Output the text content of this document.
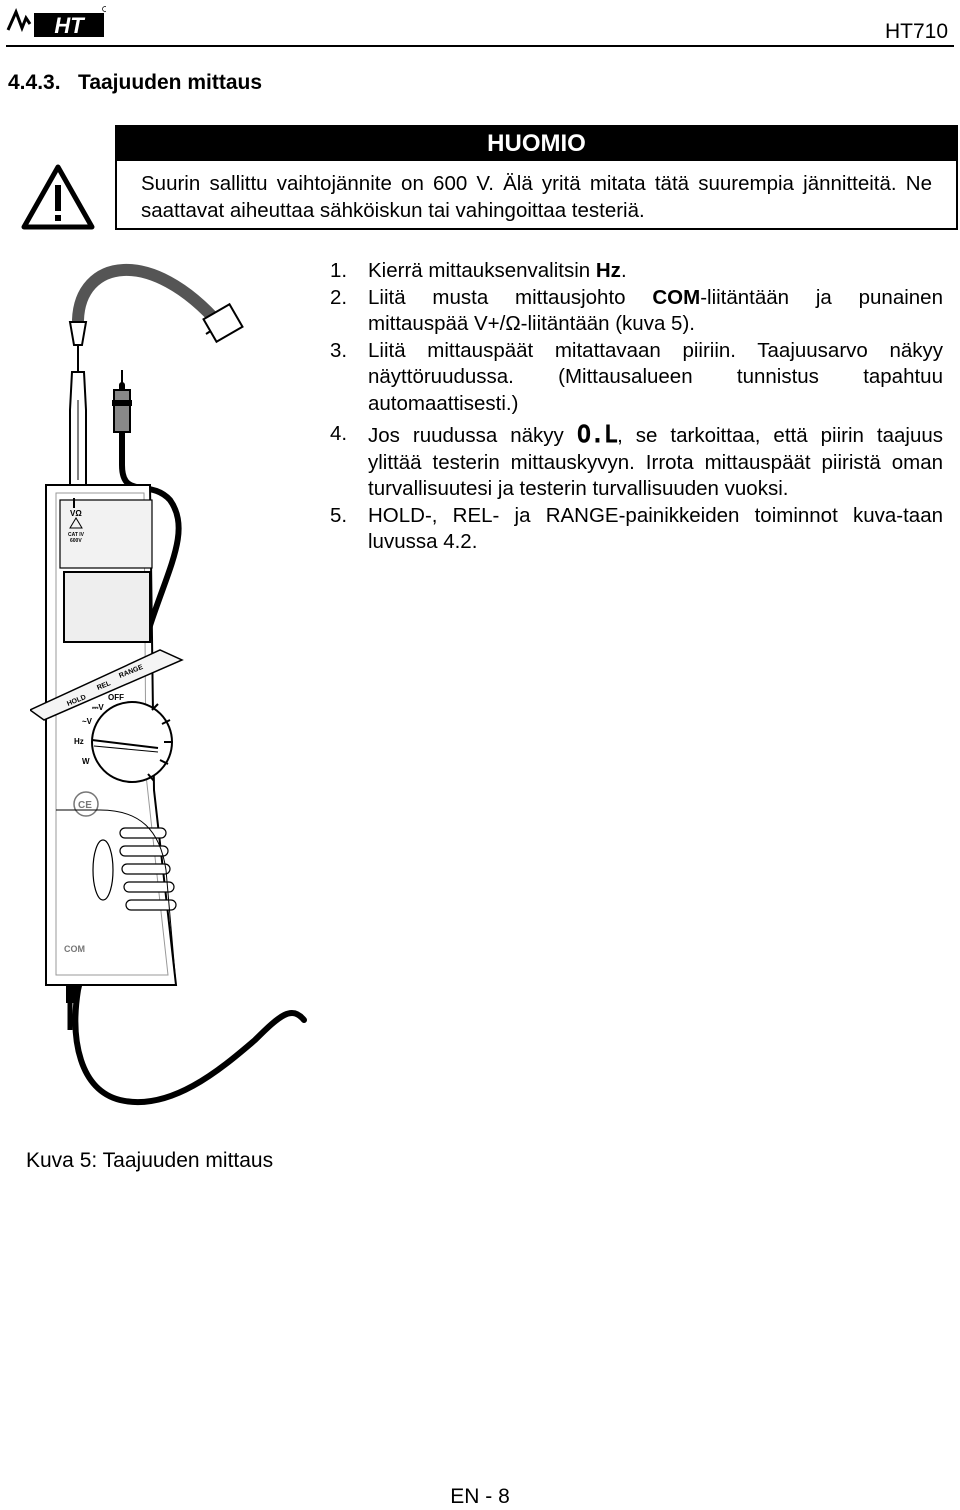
HT	HT710
4.4.3.   Taajuuden mittaus
HUOMIO
Suurin sallittu vaihtojännite on 600 V. Älä yritä mitata tätä suurempia jännitteitä. Ne saattavat aiheuttaa sähköiskun tai vahingoittaa testeriä.
1. Kierrä mittauksenvalitsin Hz.
2. Liitä musta mittausjohto COM-liitäntään ja punainen mittauspää V+/Ω-liitäntään (kuva 5).
3. Liitä mittauspäät mitattavaan piiriin. Taajuusarvo näkyy näyttöruudussa. (Mittausalueen tunnistus tapahtuu automaattisesti.)
4. Jos ruudussa näkyy O.L, se tarkoittaa, että piirin taajuus ylittää testerin mittauskyvyn. Irrota mittauspäät piiristä oman turvallisuutesi ja testerin turvallisuuden vuoksi.
5. HOLD-, REL- ja RANGE-painikkeiden toiminnot kuva-taan luvussa 4.2.
VΩ
CAT IV
600V
HOLD
REL
RANGE
OFF
⎓V
~V
Hz
W
CE
COM
Kuva 5: Taajuuden mittaus
EN - 8
